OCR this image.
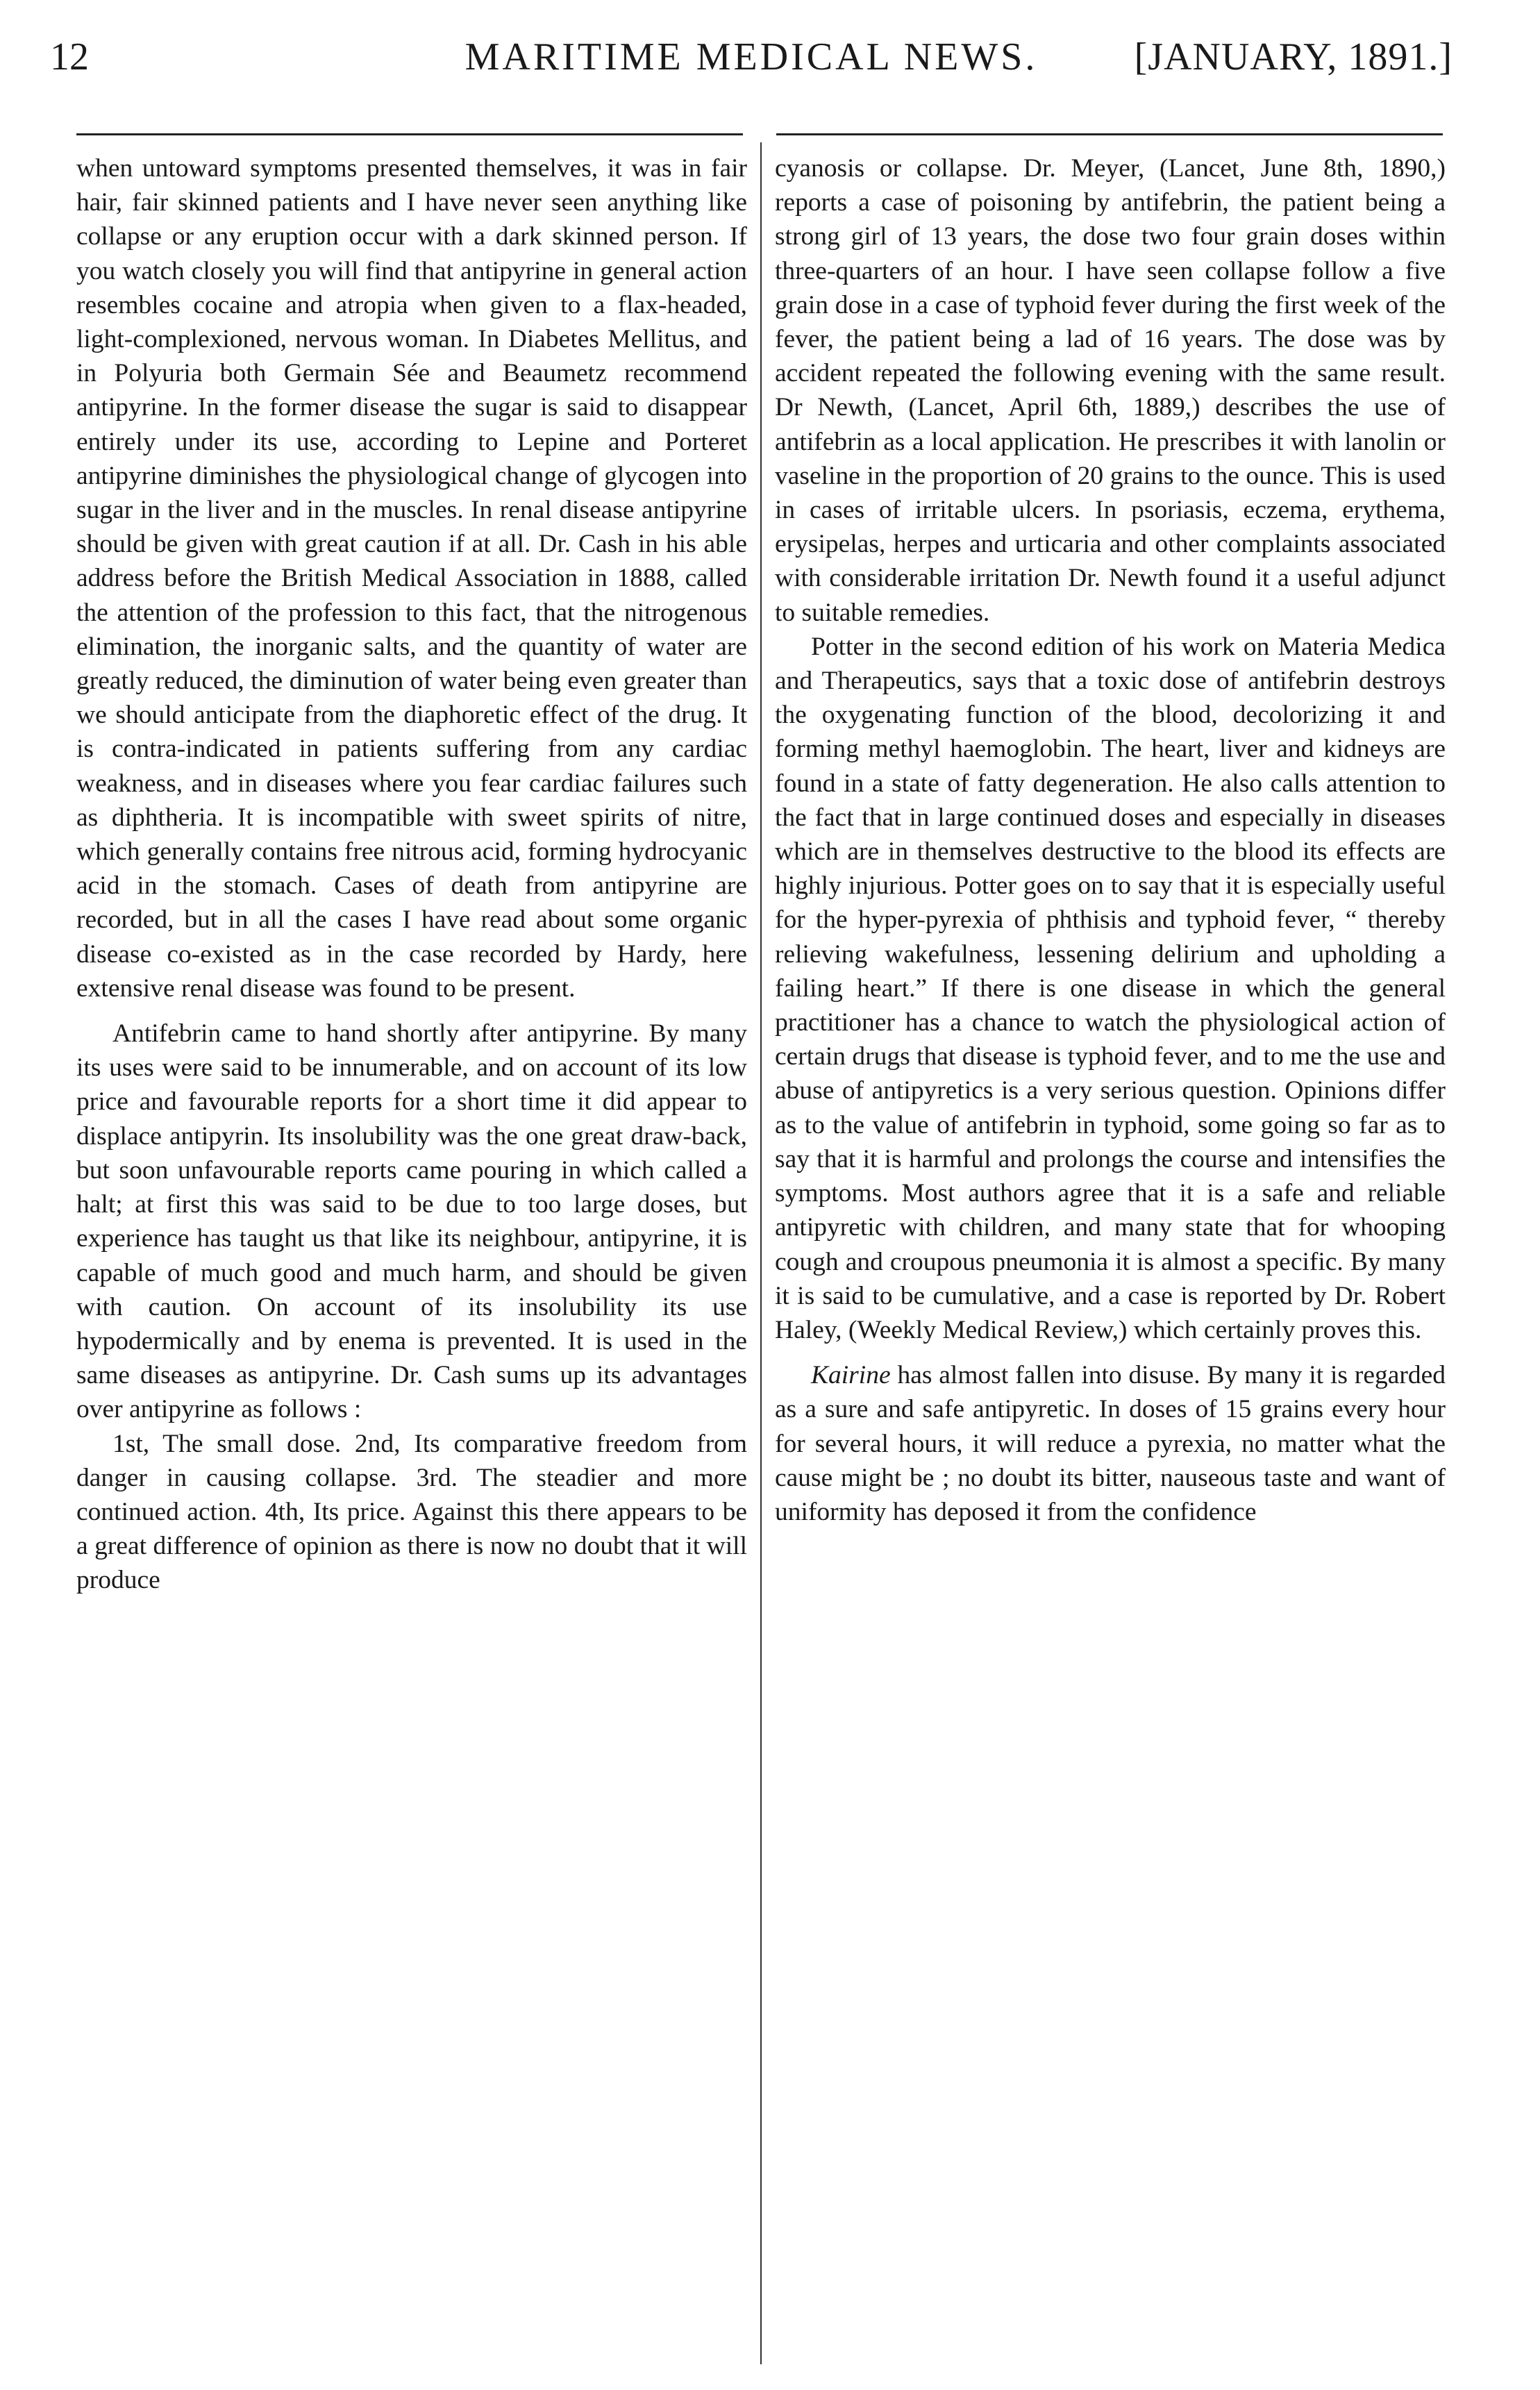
12	MARITIME MEDICAL NEWS.	[JANUARY, 1891.]

when untoward symptoms presented themselves, it was in fair hair, fair skinned patients and I have never seen anything like collapse or any eruption occur with a dark skinned person. If you watch closely you will find that antipyrine in general action resembles cocaine and atropia when given to a flax-headed, light-complexioned, nervous woman. In Diabetes Mellitus, and in Polyuria both Germain Sée and Beaumetz recommend antipyrine. In the former disease the sugar is said to disappear entirely under its use, according to Lepine and Porteret antipyrine diminishes the physiological change of glycogen into sugar in the liver and in the muscles. In renal disease antipyrine should be given with great caution if at all. Dr. Cash in his able address before the British Medical Association in 1888, called the attention of the profession to this fact, that the nitrogenous elimination, the inorganic salts, and the quantity of water are greatly reduced, the diminution of water being even greater than we should anticipate from the diaphoretic effect of the drug. It is contra-indicated in patients suffering from any cardiac weakness, and in diseases where you fear cardiac failures such as diphtheria. It is incompatible with sweet spirits of nitre, which generally contains free nitrous acid, forming hydrocyanic acid in the stomach. Cases of death from antipyrine are recorded, but in all the cases I have read about some organic disease co-existed as in the case recorded by Hardy, here extensive renal disease was found to be present.

Antifebrin came to hand shortly after antipyrine. By many its uses were said to be innumerable, and on account of its low price and favourable reports for a short time it did appear to displace antipyrin. Its insolubility was the one great draw-back, but soon unfavourable reports came pouring in which called a halt; at first this was said to be due to too large doses, but experience has taught us that like its neighbour, antipyrine, it is capable of much good and much harm, and should be given with caution. On account of its insolubility its use hypodermically and by enema is prevented. It is used in the same diseases as antipyrine. Dr. Cash sums up its advantages over antipyrine as follows :

1st, The small dose. 2nd, Its comparative freedom from danger in causing collapse. 3rd. The steadier and more continued action. 4th, Its price. Against this there appears to be a great difference of opinion as there is now no doubt that it will produce

cyanosis or collapse. Dr. Meyer, (Lancet, June 8th, 1890,) reports a case of poisoning by antifebrin, the patient being a strong girl of 13 years, the dose two four grain doses within three-quarters of an hour. I have seen collapse follow a five grain dose in a case of typhoid fever during the first week of the fever, the patient being a lad of 16 years. The dose was by accident repeated the following evening with the same result. Dr Newth, (Lancet, April 6th, 1889,) describes the use of antifebrin as a local application. He prescribes it with lanolin or vaseline in the proportion of 20 grains to the ounce. This is used in cases of irritable ulcers. In psoriasis, eczema, erythema, erysipelas, herpes and urticaria and other complaints associated with considerable irritation Dr. Newth found it a useful adjunct to suitable remedies.

Potter in the second edition of his work on Materia Medica and Therapeutics, says that a toxic dose of antifebrin destroys the oxygenating function of the blood, decolorizing it and forming methyl haemoglobin. The heart, liver and kidneys are found in a state of fatty degeneration. He also calls attention to the fact that in large continued doses and especially in diseases which are in themselves destructive to the blood its effects are highly injurious. Potter goes on to say that it is especially useful for the hyper-pyrexia of phthisis and typhoid fever, “ thereby relieving wakefulness, lessening delirium and upholding a failing heart.” If there is one disease in which the general practitioner has a chance to watch the physiological action of certain drugs that disease is typhoid fever, and to me the use and abuse of antipyretics is a very serious question. Opinions differ as to the value of antifebrin in typhoid, some going so far as to say that it is harmful and prolongs the course and intensifies the symptoms. Most authors agree that it is a safe and reliable antipyretic with children, and many state that for whooping cough and croupous pneumonia it is almost a specific. By many it is said to be cumulative, and a case is reported by Dr. Robert Haley, (Weekly Medical Review,) which certainly proves this.

Kairine has almost fallen into disuse. By many it is regarded as a sure and safe antipyretic. In doses of 15 grains every hour for several hours, it will reduce a pyrexia, no matter what the cause might be ; no doubt its bitter, nauseous taste and want of uniformity has deposed it from the confidence
